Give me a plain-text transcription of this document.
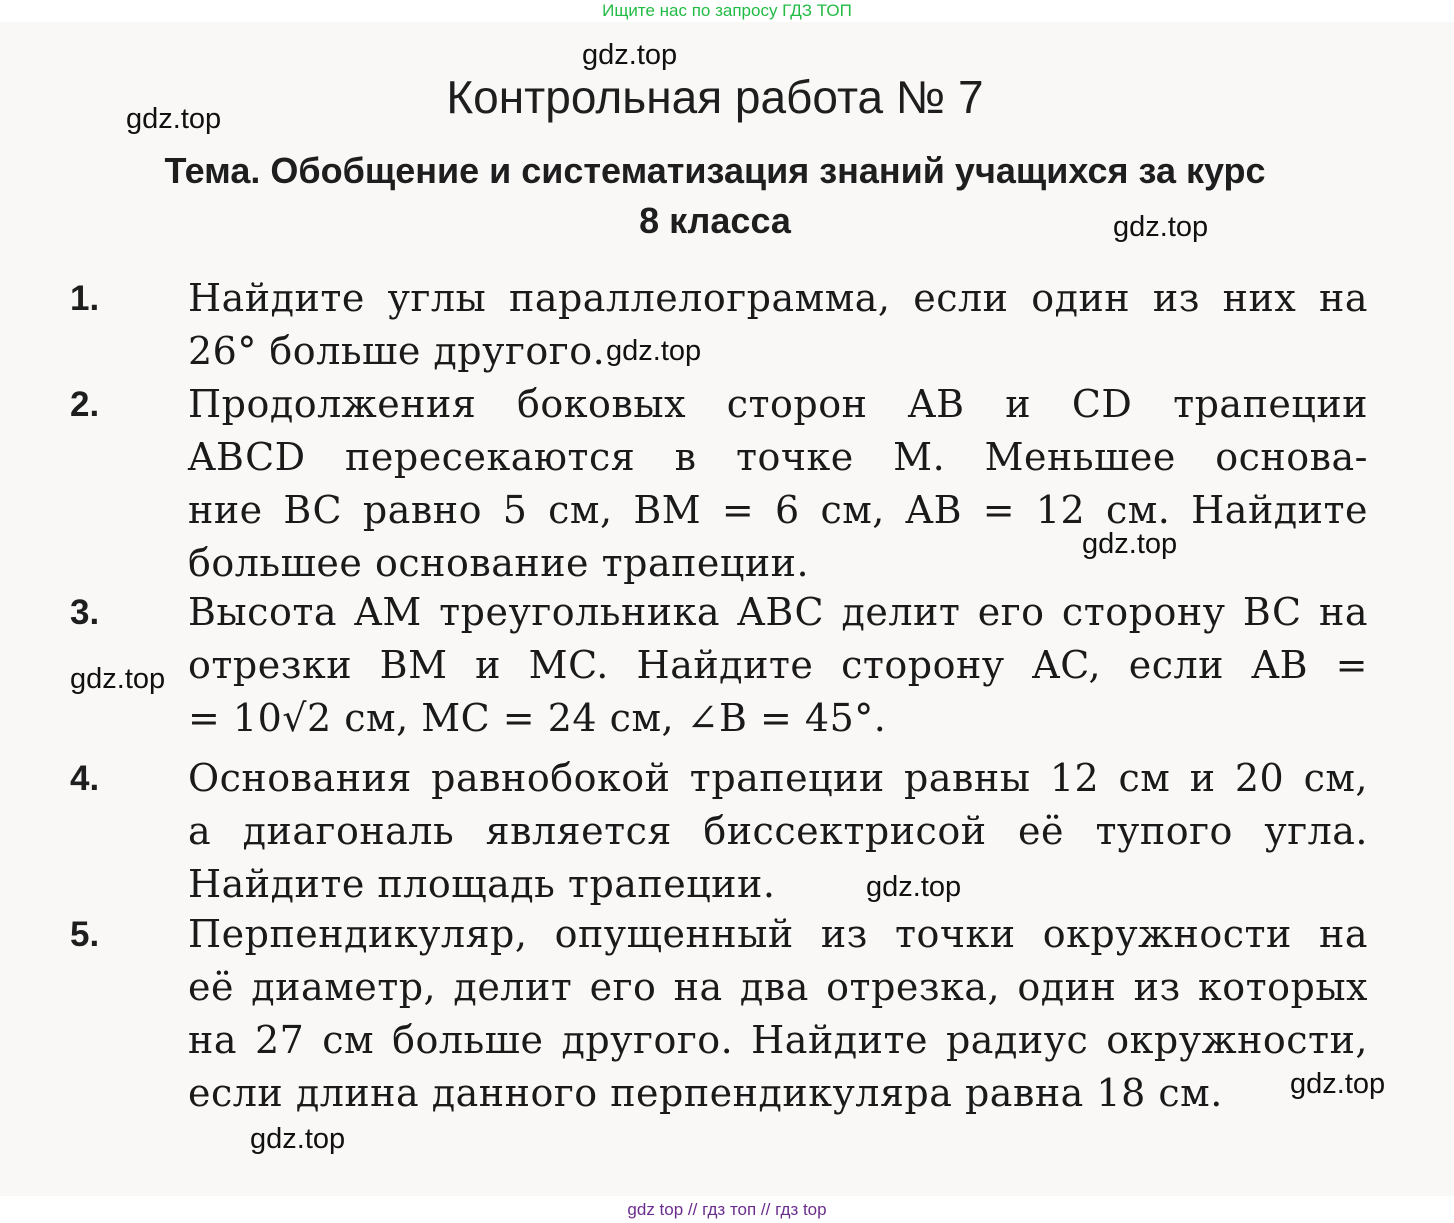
Ищите нас по запросу ГДЗ ТОП
Контрольная работа № 7
Тема. Обобщение и систематизация знаний учащихся за курс 8 класса
1. Найдите углы параллелограмма, если один из них на
26° больше другого.
2. Продолжения боковых сторон AB и CD трапеции
ABCD пересекаются в точке M. Меньшее основа-
ние BC равно 5 см, BM = 6 см, AB = 12 см. Найдите
большее основание трапеции.
3. Высота AM треугольника ABC делит его сторону BC на
отрезки BM и MC. Найдите сторону AC, если AB =
= 10√2 см, MC = 24 см, ∠B = 45°.
4. Основания равнобокой трапеции равны 12 см и 20 см,
а диагональ является биссектрисой её тупого угла.
Найдите площадь трапеции.
5. Перпендикуляр, опущенный из точки окружности на
её диаметр, делит его на два отрезка, один из которых
на 27 см больше другого. Найдите радиус окружности,
если длина данного перпендикуляра равна 18 см.
gdz.top
gdz.top
gdz.top
gdz.top
gdz.top
gdz.top
gdz.top
gdz.top
gdz.top
gdz top // гдз топ // гдз top
